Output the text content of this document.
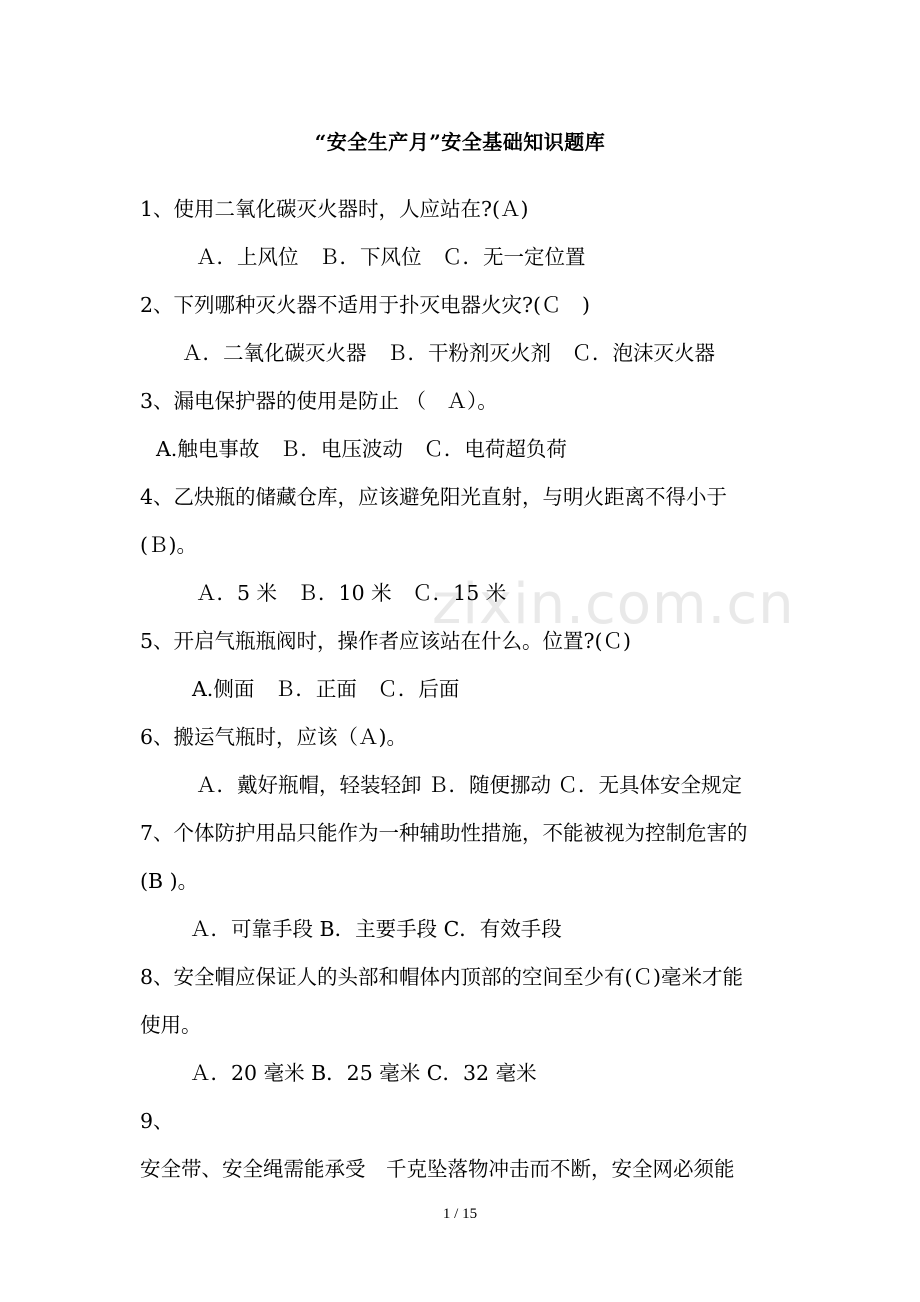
zixin.com.cn
“安全生产月”安全基础知识题库
1、使用二氧化碳灭火器时，人应站在?(Ａ)
Ａ．上风位　Ｂ．下风位　Ｃ．无一定位置
2、下列哪种灭火器不适用于扑灭电器火灾?(Ｃ　)
Ａ．二氧化碳灭火器　Ｂ．干粉剂灭火剂　Ｃ．泡沫灭火器
3、漏电保护器的使用是防止 （　Ａ）。
A.触电事故　Ｂ．电压波动　Ｃ．电荷超负荷
4、乙炔瓶的储藏仓库，应该避免阳光直射，与明火距离不得小于
(Ｂ)。
Ａ．5 米　Ｂ．10 米　Ｃ．15 米
5、开启气瓶瓶阀时，操作者应该站在什么。位置?(Ｃ)
A.侧面　Ｂ．正面　Ｃ．后面
6、搬运气瓶时，应该（Ａ)。
Ａ．戴好瓶帽，轻装轻卸 Ｂ．随便挪动 Ｃ．无具体安全规定
7、个体防护用品只能作为一种辅助性措施，不能被视为控制危害的
(B )。
Ａ．可靠手段 B．主要手段 C．有效手段
8、安全帽应保证人的头部和帽体内顶部的空间至少有(Ｃ)毫米才能
使用。
Ａ．20 毫米 B．25 毫米 C．32 毫米
9、
安全带、安全绳需能承受　千克坠落物冲击而不断，安全网必须能
1 / 15
